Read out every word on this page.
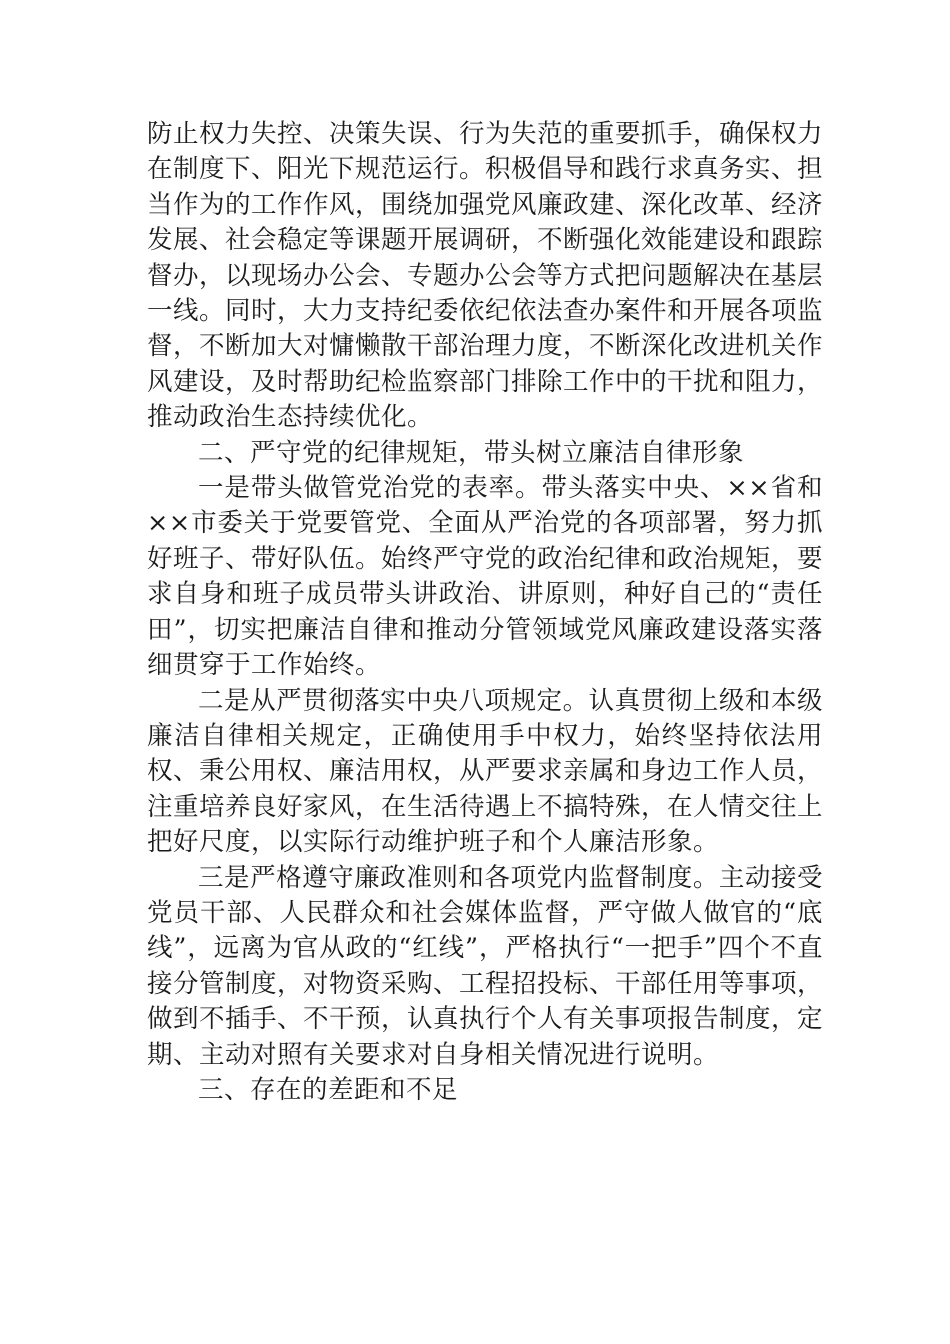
防止权力失控、决策失误、行为失范的重要抓手，确保权力在制度下、阳光下规范运行。积极倡导和践行求真务实、担当作为的工作作风，围绕加强党风廉政建、深化改革、经济发展、社会稳定等课题开展调研，不断强化效能建设和跟踪督办，以现场办公会、专题办公会等方式把问题解决在基层一线。同时，大力支持纪委依纪依法查办案件和开展各项监督，不断加大对慵懒散干部治理力度，不断深化改进机关作风建设，及时帮助纪检监察部门排除工作中的干扰和阻力，推动政治生态持续优化。

二、严守党的纪律规矩，带头树立廉洁自律形象

一是带头做管党治党的表率。带头落实中央、××省和××市委关于党要管党、全面从严治党的各项部署，努力抓好班子、带好队伍。始终严守党的政治纪律和政治规矩，要求自身和班子成员带头讲政治、讲原则，种好自己的“责任田”，切实把廉洁自律和推动分管领域党风廉政建设落实落细贯穿于工作始终。

二是从严贯彻落实中央八项规定。认真贯彻上级和本级廉洁自律相关规定，正确使用手中权力，始终坚持依法用权、秉公用权、廉洁用权，从严要求亲属和身边工作人员，注重培养良好家风，在生活待遇上不搞特殊，在人情交往上把好尺度，以实际行动维护班子和个人廉洁形象。

三是严格遵守廉政准则和各项党内监督制度。主动接受党员干部、人民群众和社会媒体监督，严守做人做官的“底线”，远离为官从政的“红线”，严格执行“一把手”四个不直接分管制度，对物资采购、工程招投标、干部任用等事项，做到不插手、不干预，认真执行个人有关事项报告制度，定期、主动对照有关要求对自身相关情况进行说明。

三、存在的差距和不足
